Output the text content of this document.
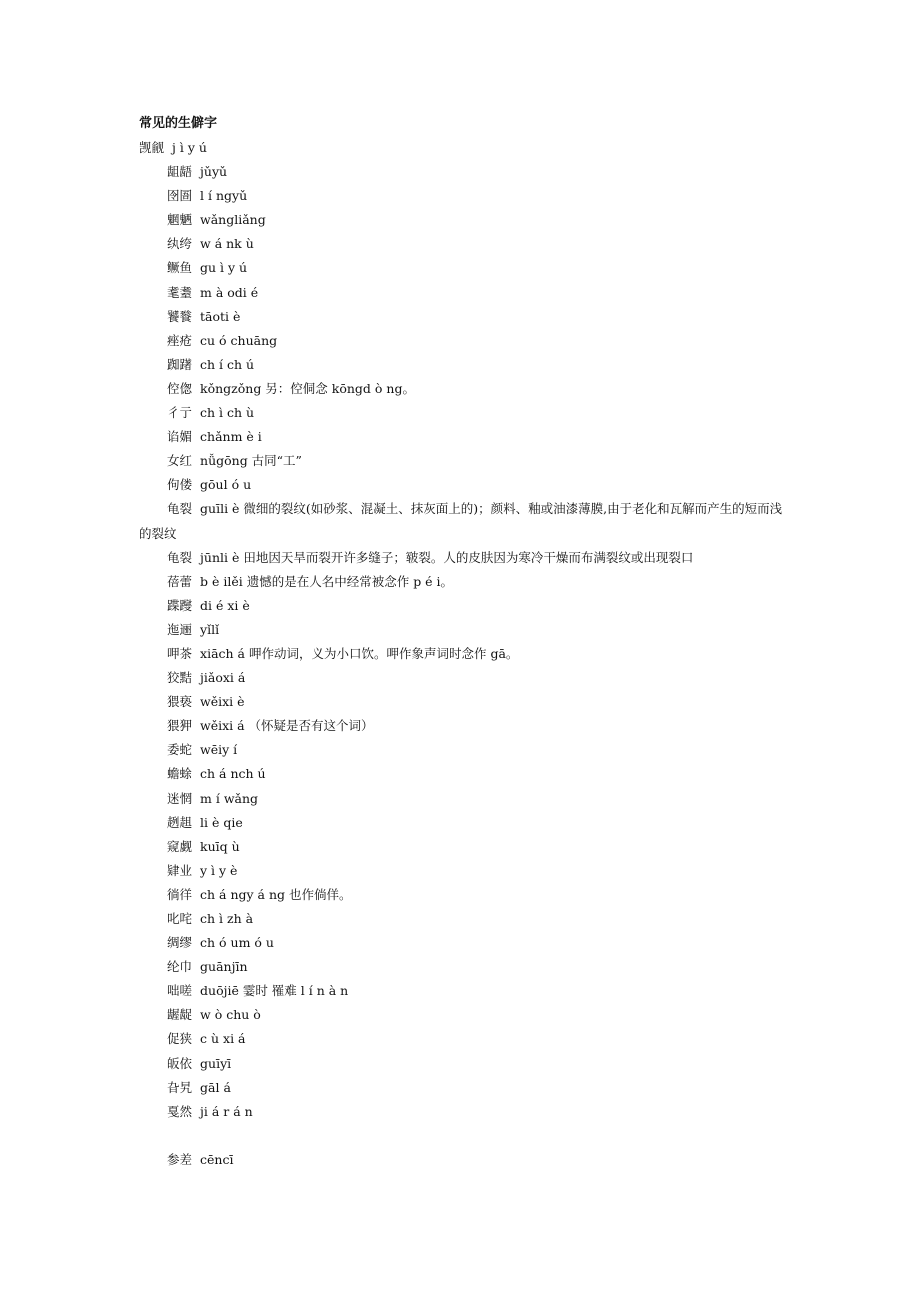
常见的生僻字
觊觎 j ì y ú
龃龉 jǔyǔ
囹圄 l í ngyǔ
魍魉 wǎngliǎng
纨绔 w á nk ù
鳜鱼 gu ì y ú
耄耋 m à odi é
饕餮 tāoti è
痤疮 cu ó chuāng
踟躇 ch í ch ú
倥偬 kǒngzǒng 另：倥侗念 kōngd ò ng。
彳亍 ch ì ch ù
谄媚 chǎnm è i
女红 nǚgōng 古同“工”
佝偻 gōul ó u
龟裂 guīli è 微细的裂纹(如砂浆、混凝土、抹灰面上的)；颜料、釉或油漆薄膜,由于老化和瓦解而产生的短而浅的裂纹
龟裂 jūnli è 田地因天旱而裂开许多缝子；皲裂。人的皮肤因为寒冷干燥而布满裂纹或出现裂口
蓓蕾 b è ilěi 遗憾的是在人名中经常被念作 p é i。
蹀躞 di é xi è
迤逦 yǐlǐ
呷茶 xiāch á 呷作动词，义为小口饮。呷作象声词时念作 gā。
狡黠 jiǎoxi á
猥亵 wěixi è
猥狎 wěixi á （怀疑是否有这个词）
委蛇 wēiy í
蟾蜍 ch á nch ú
迷惘 m í wǎng
趔趄 li è qie
窥觑 kuīq ù
肄业 y ì y è
徜徉 ch á ngy á ng 也作倘佯。
叱咤 ch ì zh à
绸缪 ch ó um ó u
纶巾 guānjīn
咄嗟 duōjiē 霎时 罹难 l í n à n
龌龊 w ò chu ò
促狭 c ù xi á
皈依 guīyī
旮旯 gāl á
戛然 ji á r á n
参差 cēncī
